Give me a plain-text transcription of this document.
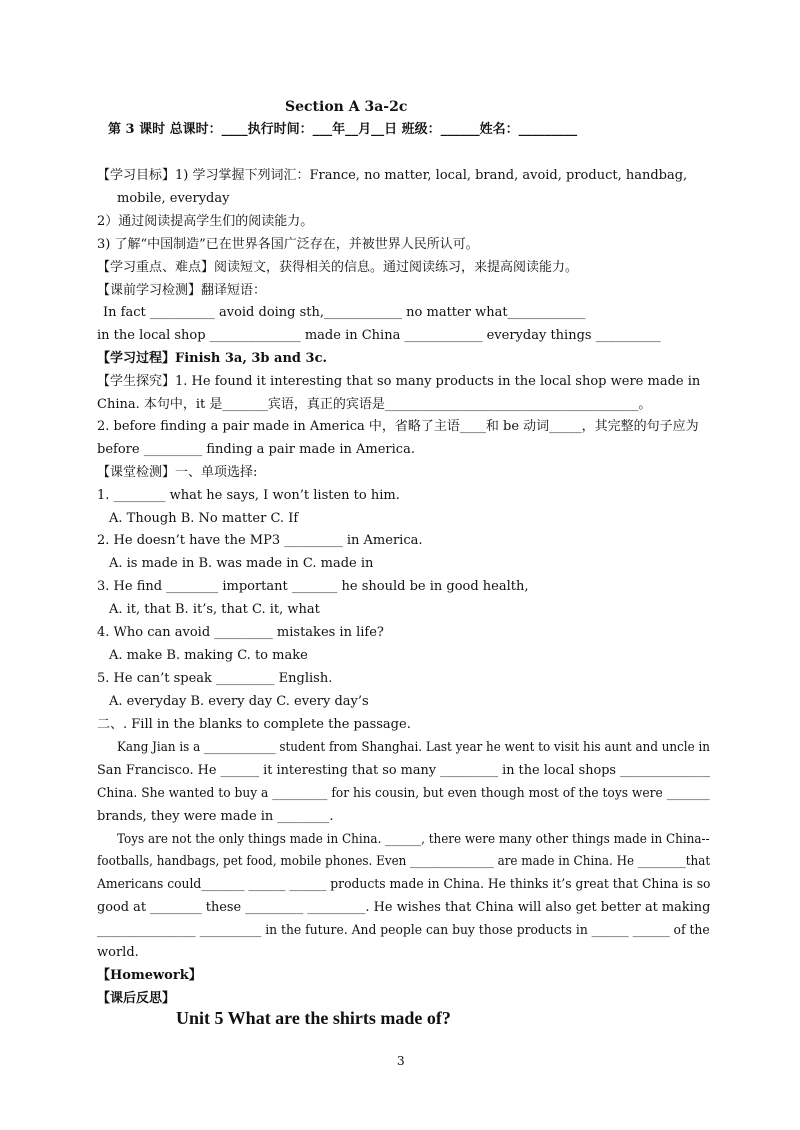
Section A 3a-2c
第 3 课时 总课时：____执行时间：___年__月__日 班级：______姓名：_________
【学习目标】1) 学习掌握下列词汇：France, no matter, local, brand, avoid, product, handbag,
mobile, everyday
2）通过阅读提高学生们的阅读能力。
3) 了解“中国制造”已在世界各国广泛存在，并被世界人民所认可。
【学习重点、难点】阅读短文，获得相关的信息。通过阅读练习，来提高阅读能力。
【课前学习检测】翻译短语：
In fact __________ avoid doing sth,____________ no matter what____________
in the local shop ______________ made in China ____________ everyday things __________
【学习过程】Finish 3a, 3b and 3c.
【学生探究】1. He found it interesting that so many products in the local shop were made in
China. 本句中，it 是_______宾语，真正的宾语是_______________________________________。
2. before finding a pair made in America 中，省略了主语____和 be 动词_____，其完整的句子应为
before _________ finding a pair made in America.
【课堂检测】一、单项选择:
1. ________ what he says, I won’t listen to him.
A. Though B. No matter C. If
2. He doesn’t have the MP3 _________ in America.
A. is made in B. was made in C. made in
3. He find ________ important _______ he should be in good health,
A. it, that B. it’s, that C. it, what
4. Who can avoid _________ mistakes in life?
A. make B. making C. to make
5. He can’t speak _________ English.
A. everyday B. every day C. every day’s
二、. Fill in the blanks to complete the passage.
Kang Jian is a ____________ student from Shanghai. Last year he went to visit his aunt and uncle in
San Francisco. He ______ it interesting that so many _________ in the local shops ______________
China. She wanted to buy a _________ for his cousin, but even though most of the toys were _______
brands, they were made in ________.
Toys are not the only things made in China. ______, there were many other things made in China--
footballs, handbags, pet food, mobile phones. Even ______________ are made in China. He ________that
Americans could_______ ______ ______ products made in China. He thinks it’s great that China is so
good at ________ these _________ _________. He wishes that China will also get better at making
________________ __________ in the future. And people can buy those products in ______ ______ of the
world.
【Homework】
【课后反思】
Unit 5 What are the shirts made of?
3
